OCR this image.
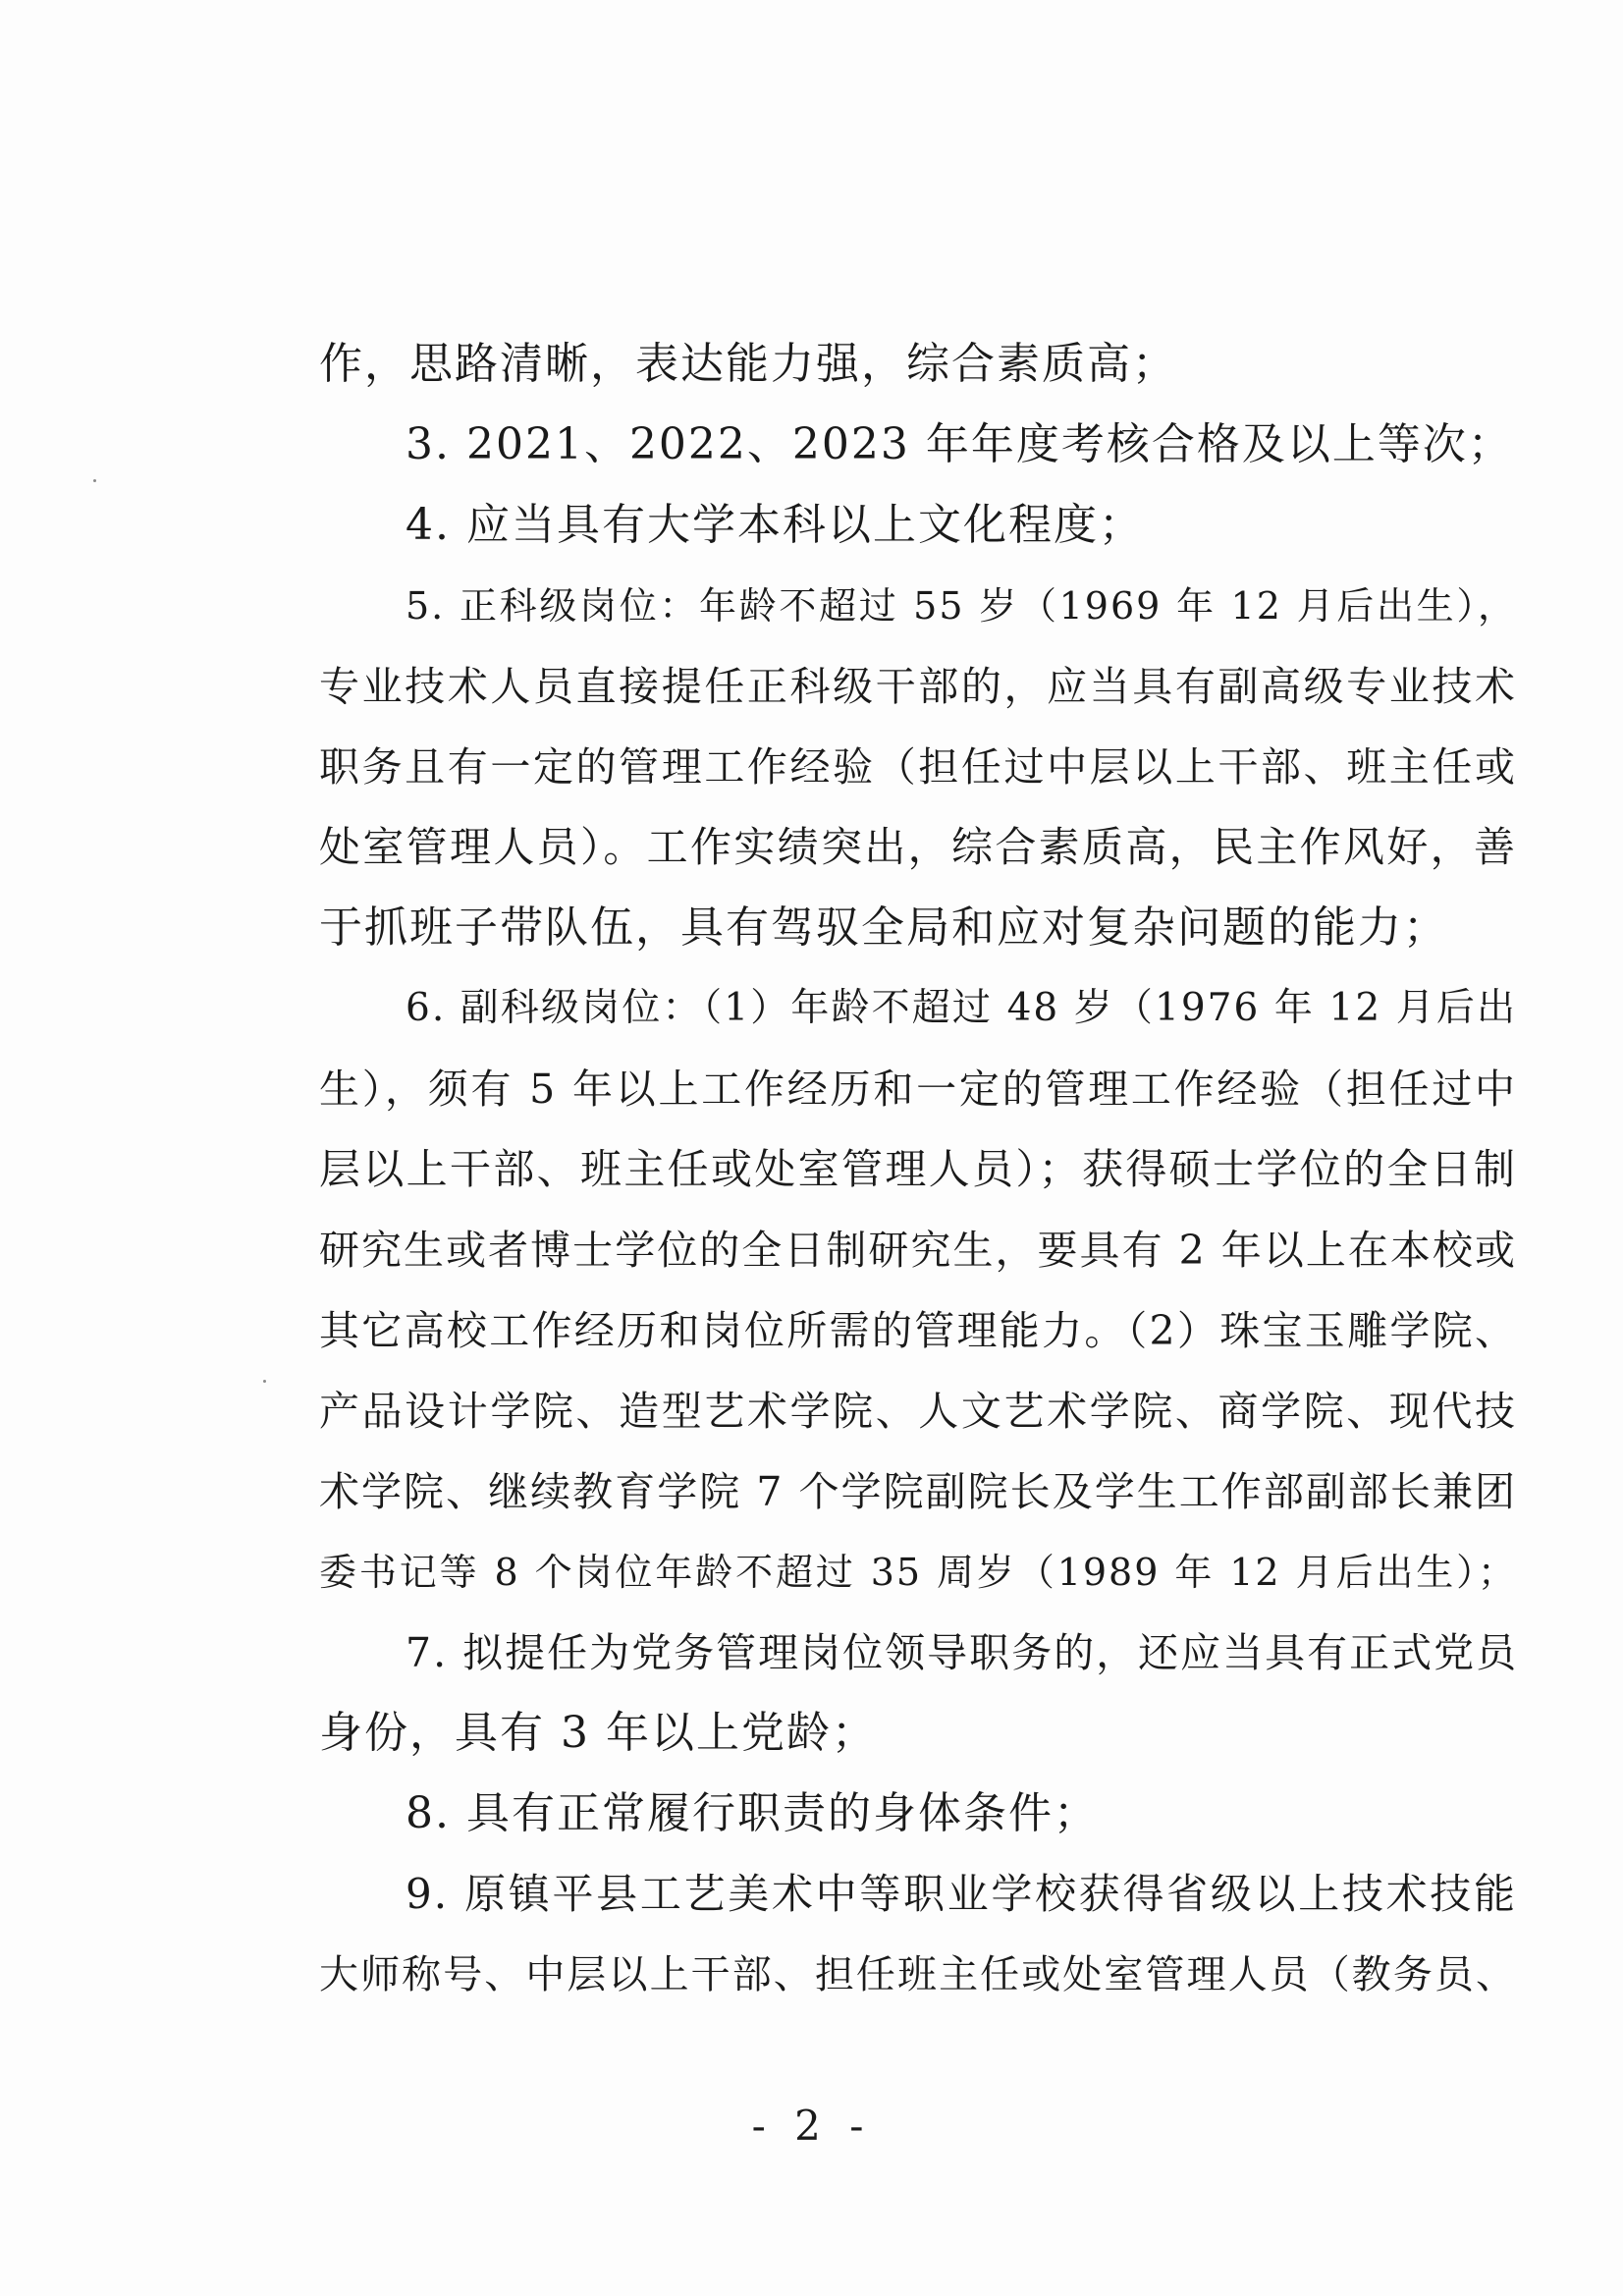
作，思路清晰，表达能力强，综合素质高；
3. 2021、2022、2023 年年度考核合格及以上等次；
4. 应当具有大学本科以上文化程度；
5. 正科级岗位：年龄不超过 55 岁（1969 年 12 月后出生），
专业技术人员直接提任正科级干部的，应当具有副高级专业技术
职务且有一定的管理工作经验（担任过中层以上干部、班主任或
处室管理人员）。工作实绩突出，综合素质高，民主作风好，善
于抓班子带队伍，具有驾驭全局和应对复杂问题的能力；
6. 副科级岗位：（1）年龄不超过 48 岁（1976 年 12 月后出
生），须有 5 年以上工作经历和一定的管理工作经验（担任过中
层以上干部、班主任或处室管理人员）；获得硕士学位的全日制
研究生或者博士学位的全日制研究生，要具有 2 年以上在本校或
其它高校工作经历和岗位所需的管理能力。（2）珠宝玉雕学院、
产品设计学院、造型艺术学院、人文艺术学院、商学院、现代技
术学院、继续教育学院 7 个学院副院长及学生工作部副部长兼团
委书记等 8 个岗位年龄不超过 35 周岁（1989 年 12 月后出生）；
7. 拟提任为党务管理岗位领导职务的，还应当具有正式党员
身份，具有 3 年以上党龄；
8. 具有正常履行职责的身体条件；
9. 原镇平县工艺美术中等职业学校获得省级以上技术技能
大师称号、中层以上干部、担任班主任或处室管理人员（教务员、
- 2 -
